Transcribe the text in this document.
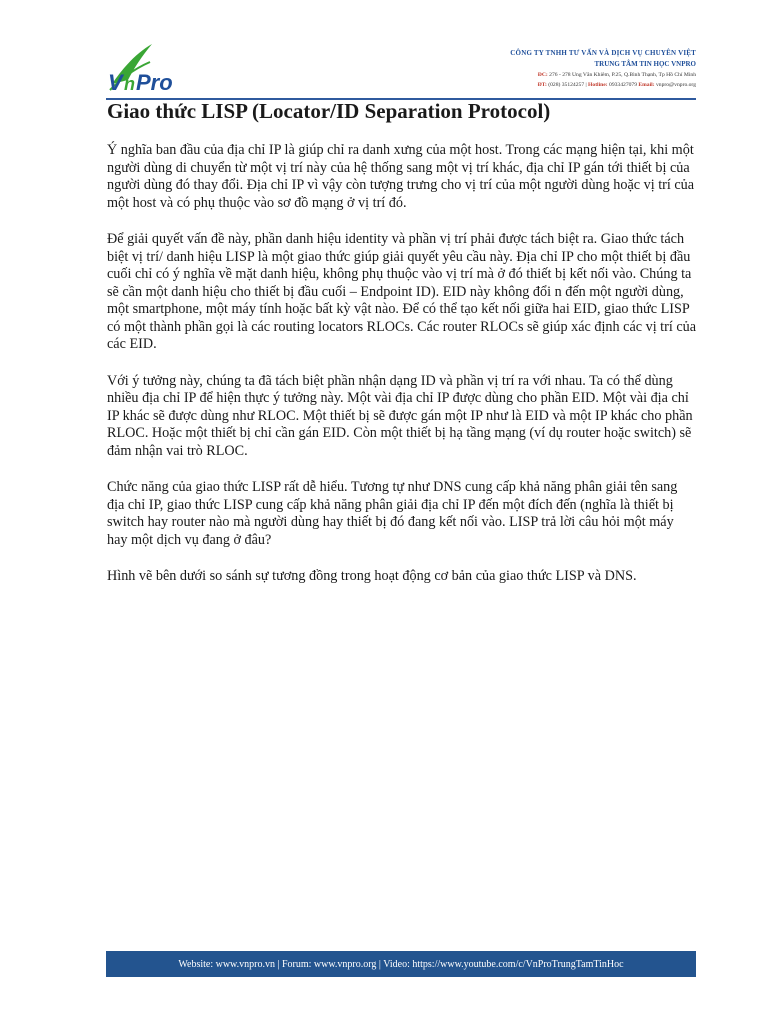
V n Pro
CÔNG TY TNHH TƯ VẤN VÀ DỊCH VỤ CHUYÊN VIỆT
TRUNG TÂM TIN HỌC VNPRO
ĐC: 276 - 278 Ung Văn Khiêm, P.25, Q.Bình Thạnh, Tp Hồ Chí Minh
ĐT: (028) 35124257 | Hotline: 0933427079 Email: vnpro@vnpro.org
Giao thức LISP (Locator/ID Separation Protocol)

Ý nghĩa ban đầu của địa chỉ IP là giúp chỉ ra danh xưng của một host. Trong các mạng hiện tại, khi một người dùng di chuyển từ một vị trí này của hệ thống sang một vị trí khác, địa chỉ IP gán tới thiết bị của người dùng đó thay đổi. Địa chỉ IP vì vậy còn tượng trưng cho vị trí của một người dùng hoặc vị trí của một host và có phụ thuộc vào sơ đồ mạng ở vị trí đó.

Để giải quyết vấn đề này, phần danh hiệu identity và phần vị trí phải được tách biệt ra. Giao thức tách biệt vị trí/ danh hiệu LISP là một giao thức giúp giải quyết yêu cầu này. Địa chỉ IP cho một thiết bị đầu cuối chỉ có ý nghĩa về mặt danh hiệu, không phụ thuộc vào vị trí mà ở đó thiết bị kết nối vào. Chúng ta sẽ cần một danh hiệu cho thiết bị đầu cuối – Endpoint ID). EID này không đổi n đến một người dùng, một smartphone, một máy tính hoặc bất kỳ vật nào. Để có thể tạo kết nối giữa hai EID, giao thức LISP có một thành phần gọi là các routing locators RLOCs. Các router RLOCs sẽ giúp xác định các vị trí của các EID.

Với ý tưởng này, chúng ta đã tách biệt phần nhận dạng ID và phần vị trí ra với nhau. Ta có thể dùng nhiều địa chỉ IP để hiện thực ý tưởng này. Một vài địa chỉ IP được dùng cho phần EID. Một vài địa chỉ IP khác sẽ được dùng như RLOC. Một thiết bị sẽ được gán một IP như là EID và một IP khác cho phần RLOC. Hoặc một thiết bị chỉ cần gán EID. Còn một thiết bị hạ tầng mạng (ví dụ router hoặc switch) sẽ đảm nhận vai trò RLOC.

Chức năng của giao thức LISP rất dễ hiểu. Tương tự như DNS cung cấp khả năng phân giải tên sang địa chỉ IP, giao thức LISP cung cấp khả năng phân giải địa chỉ IP đến một đích đến (nghĩa là thiết bị switch hay router nào mà người dùng hay thiết bị đó đang kết nối vào. LISP trả lời câu hỏi một máy hay một dịch vụ đang ở đâu?

Hình vẽ bên dưới so sánh sự tương đồng trong hoạt động cơ bản của giao thức LISP và DNS.

Website: www.vnpro.vn | Forum: www.vnpro.org | Video: https://www.youtube.com/c/VnProTrungTamTinHoc
